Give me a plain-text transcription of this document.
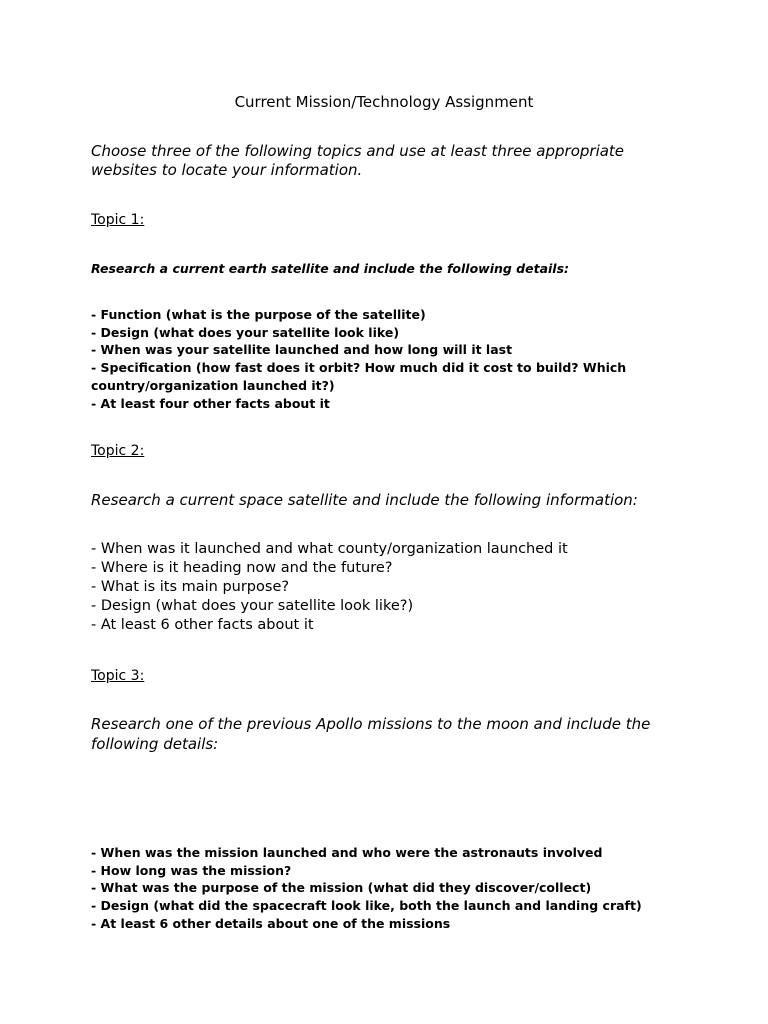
Current Mission/Technology Assignment
Choose three of the following topics and use at least three appropriate
websites to locate your information.
Topic 1:
Research a current earth satellite and include the following details:
- Function (what is the purpose of the satellite)
- Design (what does your satellite look like)
- When was your satellite launched and how long will it last
- Specification (how fast does it orbit? How much did it cost to build? Which
country/organization launched it?)
- At least four other facts about it
Topic 2:
Research a current space satellite and include the following information:
- When was it launched and what county/organization launched it
- Where is it heading now and the future?
- What is its main purpose?
- Design (what does your satellite look like?)
- At least 6 other facts about it
Topic 3:
Research one of the previous Apollo missions to the moon and include the
following details:
- When was the mission launched and who were the astronauts involved
- How long was the mission?
- What was the purpose of the mission (what did they discover/collect)
- Design (what did the spacecraft look like, both the launch and landing craft)
- At least 6 other details about one of the missions
